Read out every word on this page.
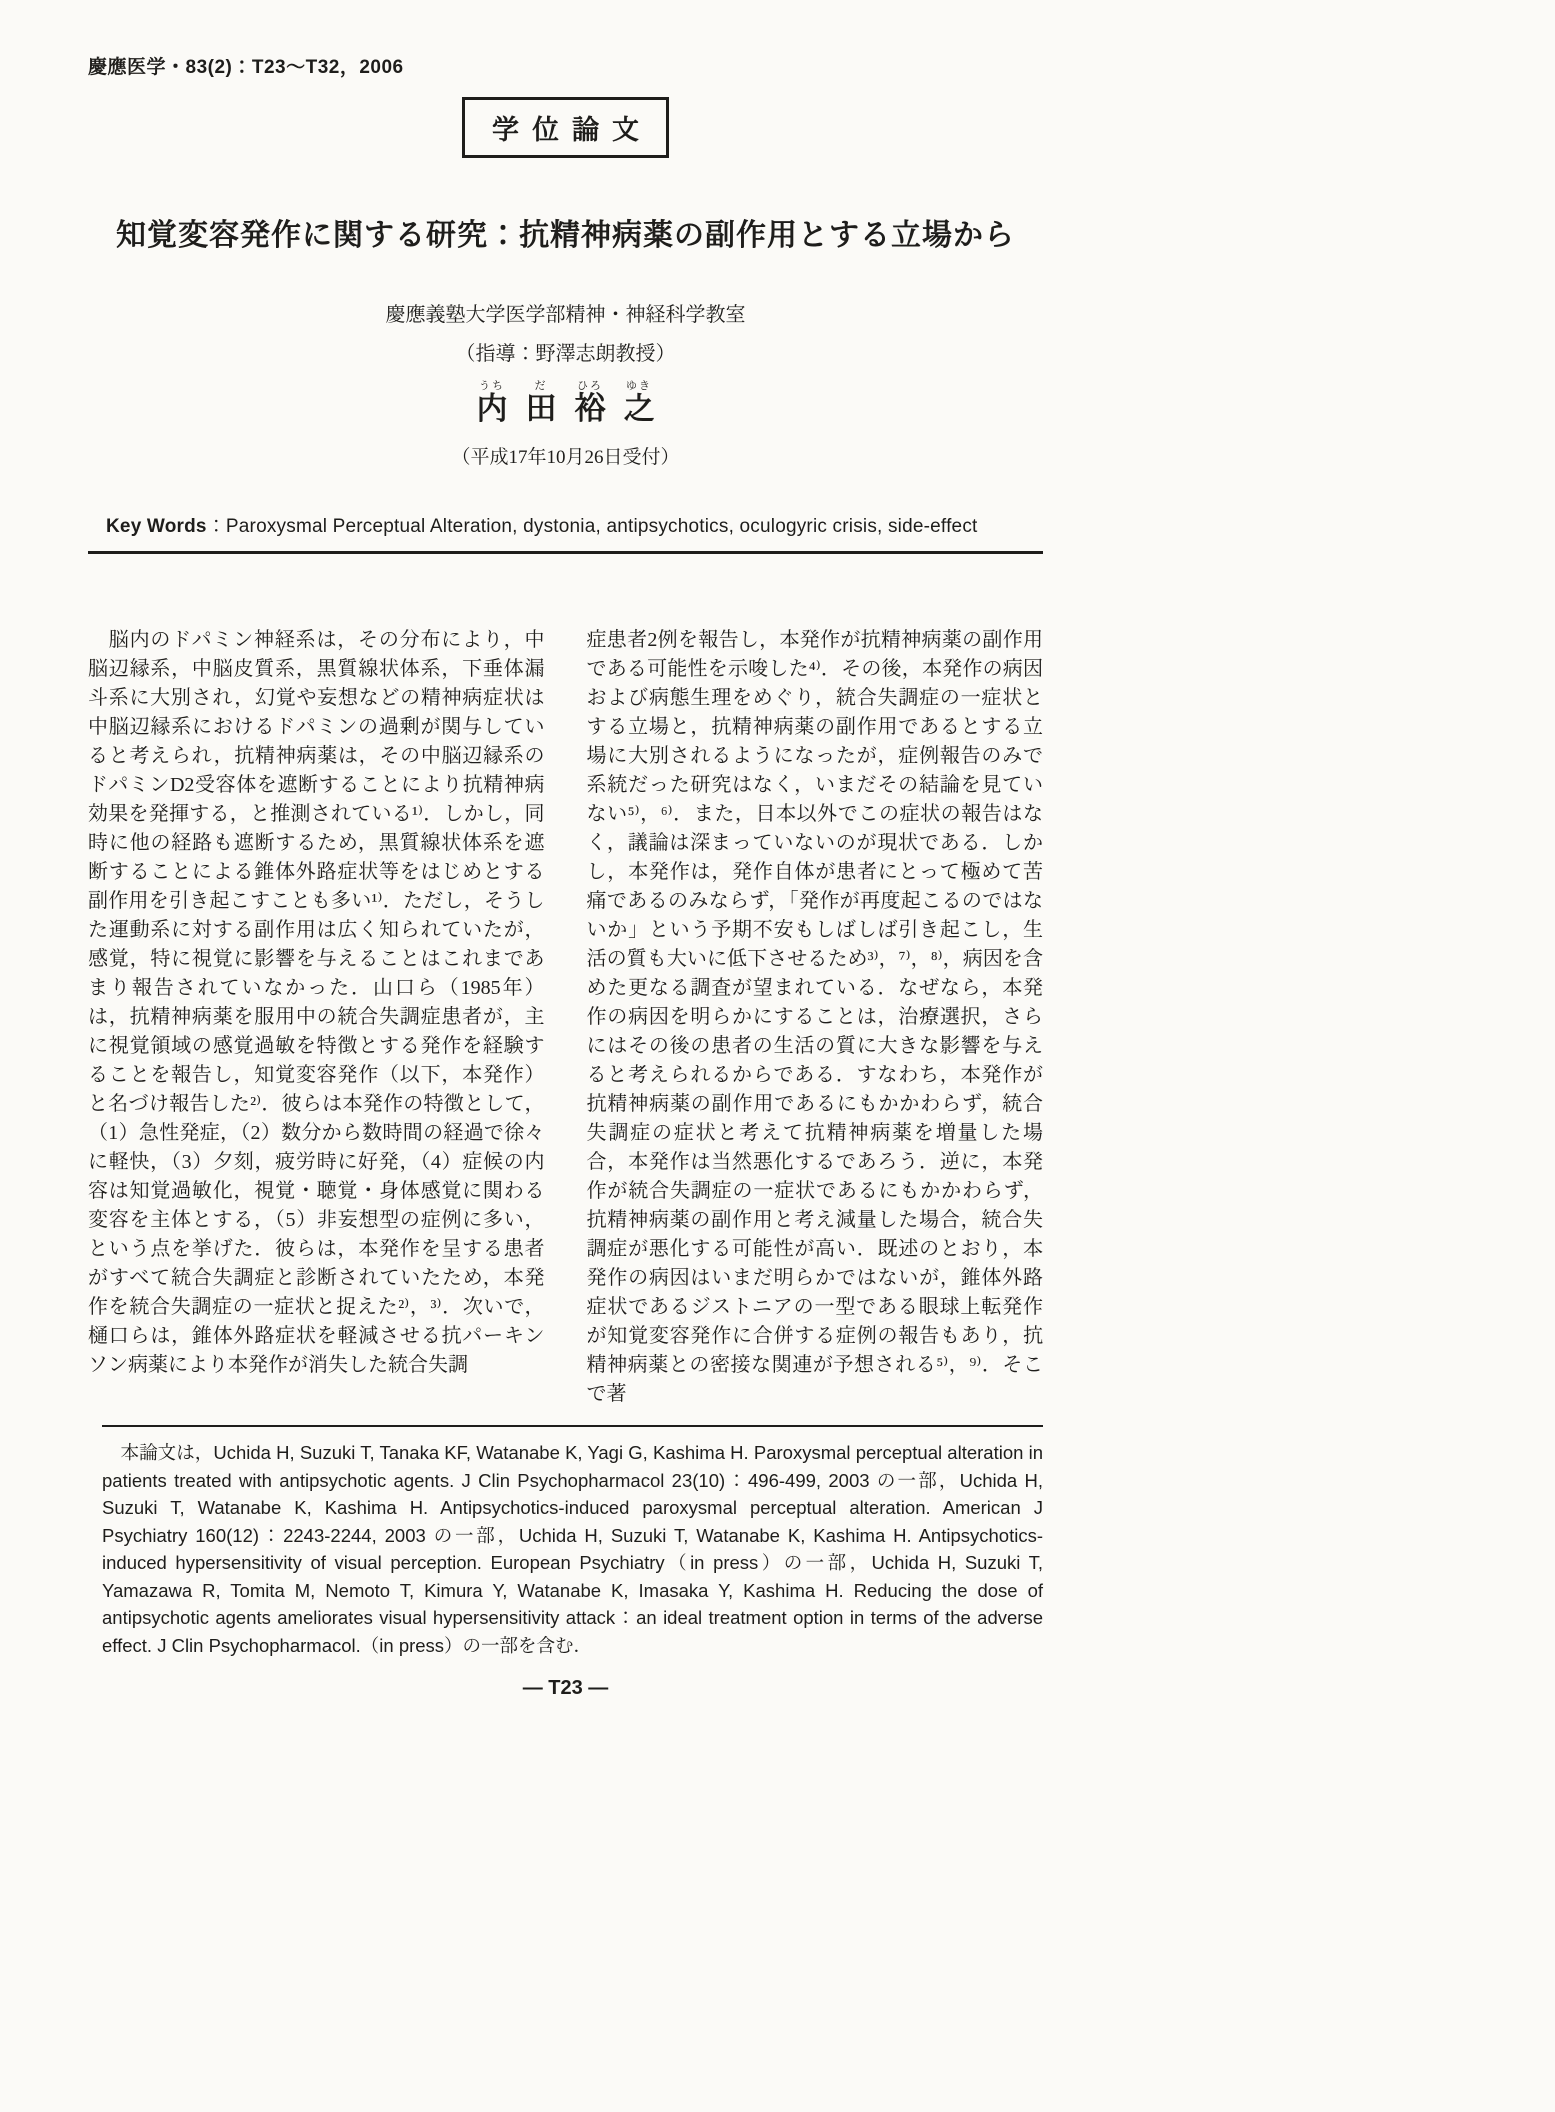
慶應医学・83(2)：T23〜T32，2006
学位論文
知覚変容発作に関する研究：抗精神病薬の副作用とする立場から
慶應義塾大学医学部精神・神経科学教室
（指導：野澤志朗教授）
内うち田だ裕ひろ之ゆき
（平成17年10月26日受付）
Key Words：Paroxysmal Perceptual Alteration, dystonia, antipsychotics, oculogyric crisis, side-effect
　脳内のドパミン神経系は，その分布により，中脳辺縁系，中脳皮質系，黒質線状体系，下垂体漏斗系に大別され，幻覚や妄想などの精神病症状は中脳辺縁系におけるドパミンの過剰が関与していると考えられ，抗精神病薬は，その中脳辺縁系のドパミンD2受容体を遮断することにより抗精神病効果を発揮する，と推測されている¹⁾．しかし，同時に他の経路も遮断するため，黒質線状体系を遮断することによる錐体外路症状等をはじめとする副作用を引き起こすことも多い¹⁾．ただし，そうした運動系に対する副作用は広く知られていたが，感覚，特に視覚に影響を与えることはこれまであまり報告されていなかった．山口ら（1985年）は，抗精神病薬を服用中の統合失調症患者が，主に視覚領域の感覚過敏を特徴とする発作を経験することを報告し，知覚変容発作（以下，本発作）と名づけ報告した²⁾．彼らは本発作の特徴として，（1）急性発症，（2）数分から数時間の経過で徐々に軽快，（3）夕刻，疲労時に好発，（4）症候の内容は知覚過敏化，視覚・聴覚・身体感覚に関わる変容を主体とする，（5）非妄想型の症例に多い，という点を挙げた．彼らは，本発作を呈する患者がすべて統合失調症と診断されていたため，本発作を統合失調症の一症状と捉えた²⁾，³⁾．次いで，樋口らは，錐体外路症状を軽減させる抗パーキンソン病薬により本発作が消失した統合失調
症患者2例を報告し，本発作が抗精神病薬の副作用である可能性を示唆した⁴⁾．その後，本発作の病因および病態生理をめぐり，統合失調症の一症状とする立場と，抗精神病薬の副作用であるとする立場に大別されるようになったが，症例報告のみで系統だった研究はなく，いまだその結論を見ていない⁵⁾，⁶⁾．また，日本以外でこの症状の報告はなく，議論は深まっていないのが現状である．しかし，本発作は，発作自体が患者にとって極めて苦痛であるのみならず，「発作が再度起こるのではないか」という予期不安もしばしば引き起こし，生活の質も大いに低下させるため³⁾，⁷⁾，⁸⁾，病因を含めた更なる調査が望まれている．なぜなら，本発作の病因を明らかにすることは，治療選択，さらにはその後の患者の生活の質に大きな影響を与えると考えられるからである．すなわち，本発作が抗精神病薬の副作用であるにもかかわらず，統合失調症の症状と考えて抗精神病薬を増量した場合，本発作は当然悪化するであろう．逆に，本発作が統合失調症の一症状であるにもかかわらず，抗精神病薬の副作用と考え減量した場合，統合失調症が悪化する可能性が高い．既述のとおり，本発作の病因はいまだ明らかではないが，錐体外路症状であるジストニアの一型である眼球上転発作が知覚変容発作に合併する症例の報告もあり，抗精神病薬との密接な関連が予想される⁵⁾，⁹⁾．そこで著
　本論文は，Uchida H, Suzuki T, Tanaka KF, Watanabe K, Yagi G, Kashima H. Paroxysmal perceptual alteration in patients treated with antipsychotic agents. J Clin Psychopharmacol 23(10)：496-499, 2003 の一部，Uchida H, Suzuki T, Watanabe K, Kashima H. Antipsychotics-induced paroxysmal perceptual alteration. American J Psychiatry 160(12)：2243-2244, 2003 の一部，Uchida H, Suzuki T, Watanabe K, Kashima H. Antipsychotics-induced hypersensitivity of visual perception. European Psychiatry（in press）の一部，Uchida H, Suzuki T, Yamazawa R, Tomita M, Nemoto T, Kimura Y, Watanabe K, Imasaka Y, Kashima H. Reducing the dose of antipsychotic agents ameliorates visual hypersensitivity attack：an ideal treatment option in terms of the adverse effect. J Clin Psychopharmacol.（in press）の一部を含む．
— T23 —
